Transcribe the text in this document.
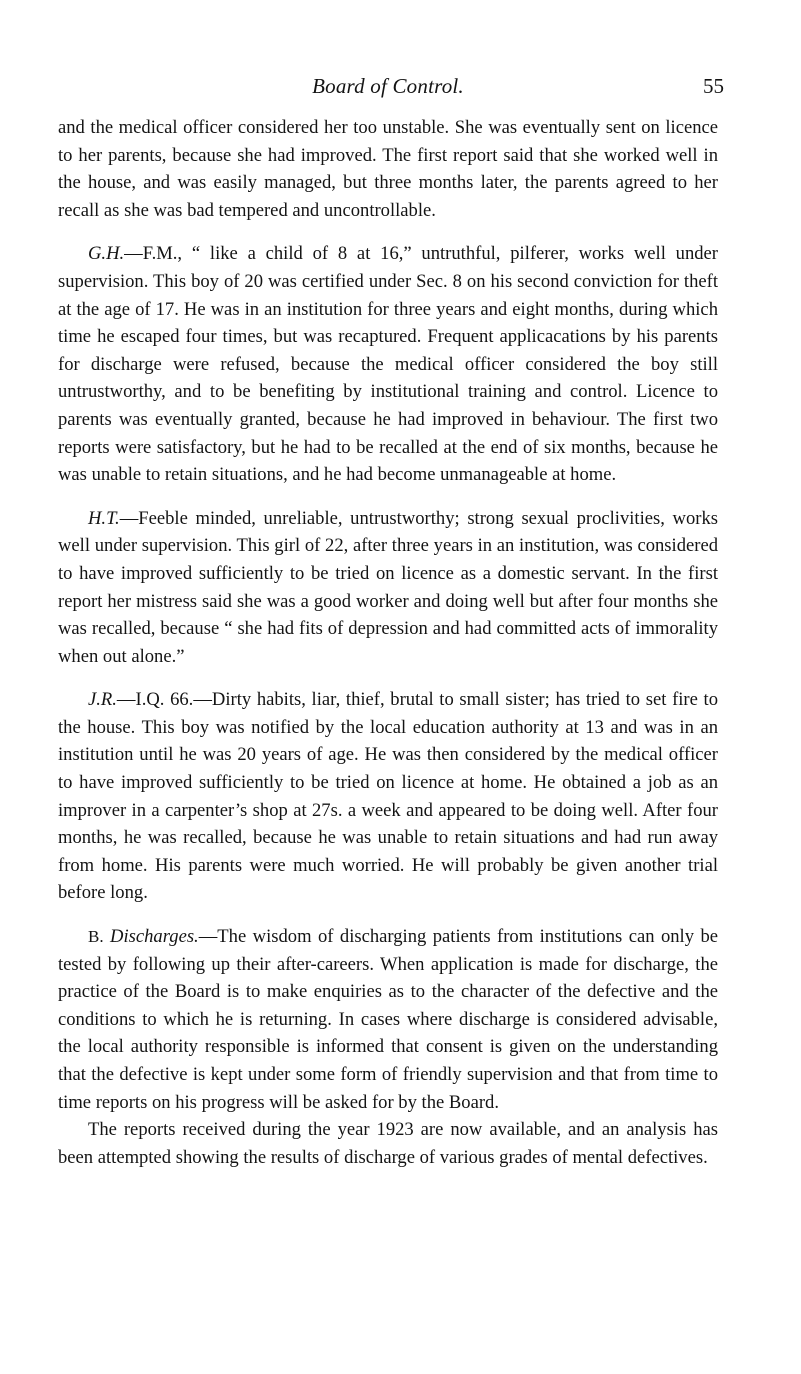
Board of Control.	55

and the medical officer considered her too unstable. She was eventually sent on licence to her parents, because she had improved. The first report said that she worked well in the house, and was easily managed, but three months later, the parents agreed to her recall as she was bad tempered and uncontrollable.

G.H.—F.M., “ like a child of 8 at 16,” untruthful, pilferer, works well under supervision. This boy of 20 was certified under Sec. 8 on his second conviction for theft at the age of 17. He was in an institution for three years and eight months, during which time he escaped four times, but was recaptured. Frequent applicacations by his parents for discharge were refused, because the medical officer considered the boy still untrustworthy, and to be benefiting by institutional training and control. Licence to parents was eventually granted, because he had improved in behaviour. The first two reports were satisfactory, but he had to be recalled at the end of six months, because he was unable to retain situations, and he had become unmanageable at home.

H.T.—Feeble minded, unreliable, untrustworthy; strong sexual proclivities, works well under supervision. This girl of 22, after three years in an institution, was considered to have improved sufficiently to be tried on licence as a domestic servant. In the first report her mistress said she was a good worker and doing well but after four months she was recalled, because “ she had fits of depression and had committed acts of immorality when out alone.”

J.R.—I.Q. 66.—Dirty habits, liar, thief, brutal to small sister; has tried to set fire to the house. This boy was notified by the local education authority at 13 and was in an institution until he was 20 years of age. He was then considered by the medical officer to have improved sufficiently to be tried on licence at home. He obtained a job as an improver in a carpenter’s shop at 27s. a week and appeared to be doing well. After four months, he was recalled, because he was unable to retain situations and had run away from home. His parents were much worried. He will probably be given another trial before long.

B. Discharges.—The wisdom of discharging patients from institutions can only be tested by following up their after-careers. When application is made for discharge, the practice of the Board is to make enquiries as to the character of the defective and the conditions to which he is returning. In cases where discharge is considered advisable, the local authority responsible is informed that consent is given on the understanding that the defective is kept under some form of friendly supervision and that from time to time reports on his progress will be asked for by the Board.

The reports received during the year 1923 are now available, and an analysis has been attempted showing the results of discharge of various grades of mental defectives.
